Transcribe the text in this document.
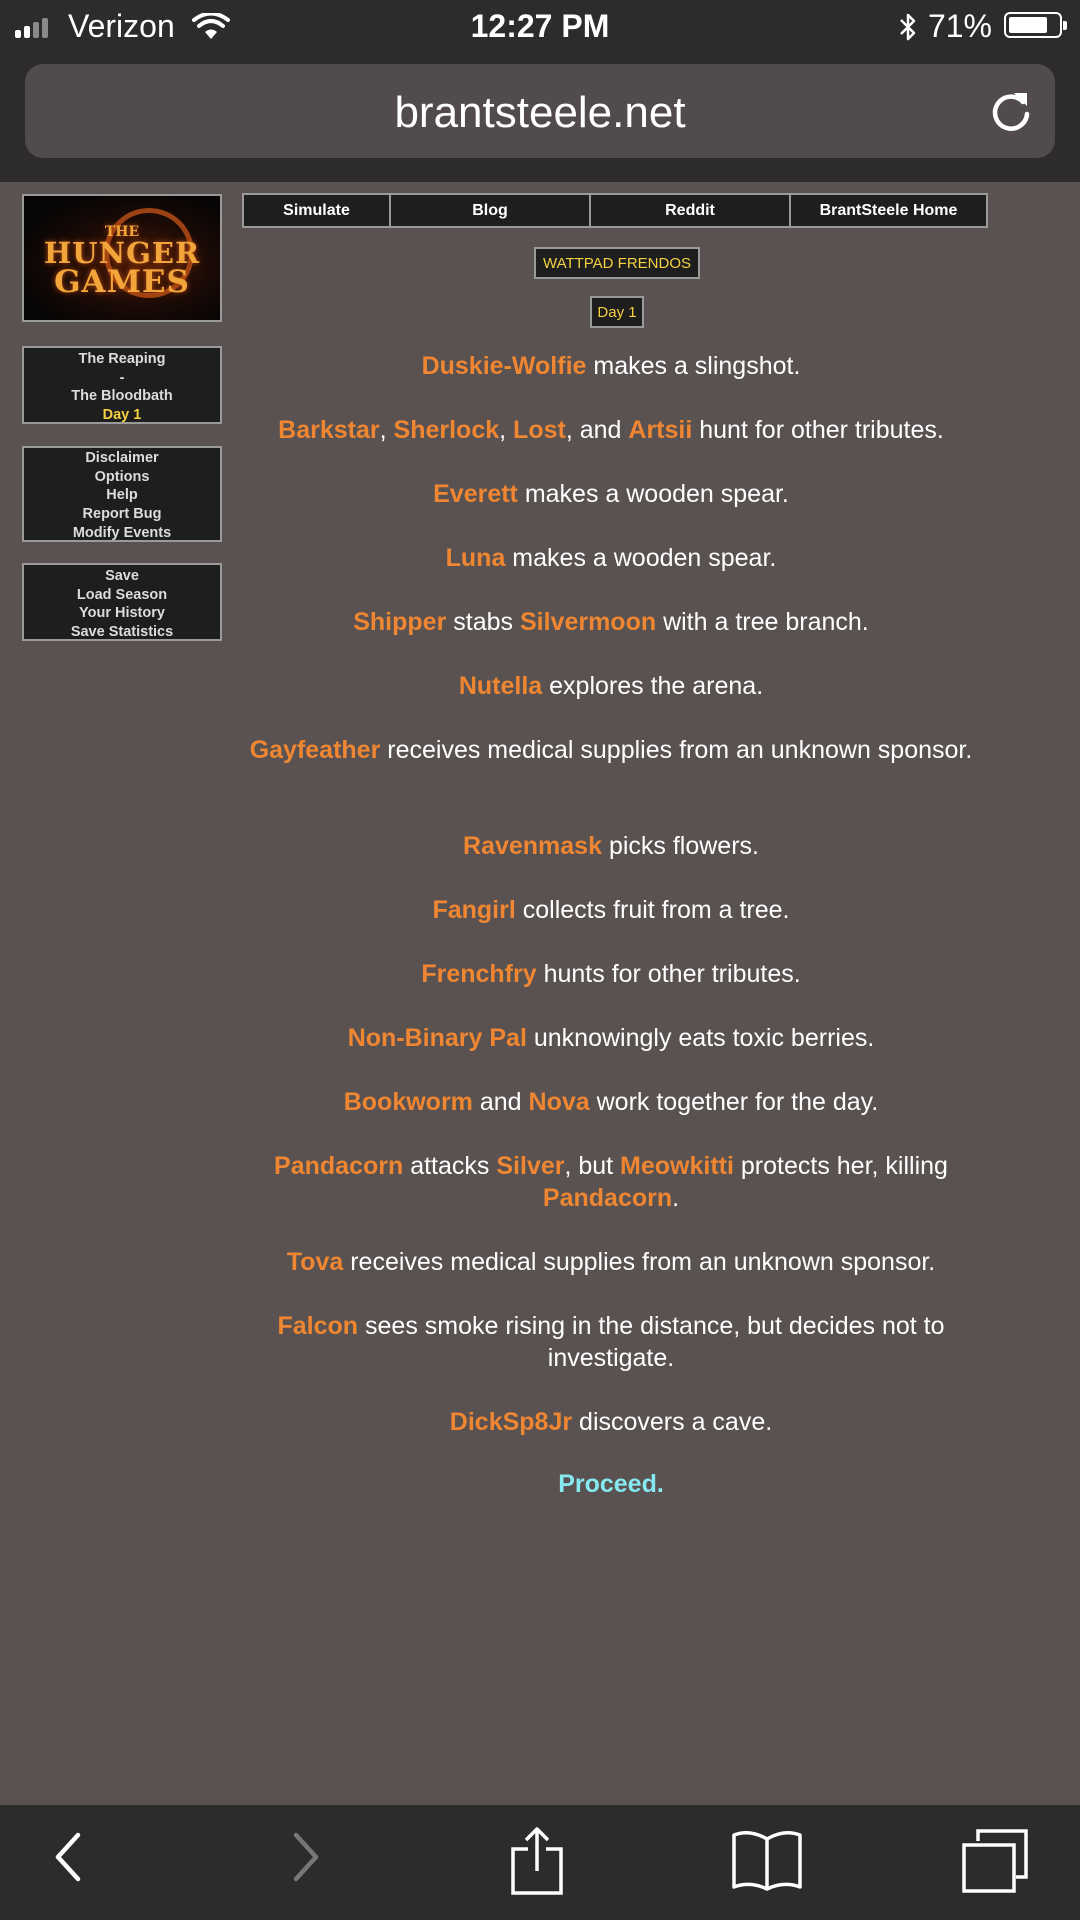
Verizon	12:27 PM	71%
brantsteele.net
THE
HUNGER
GAMES
The Reaping
-
The Bloodbath
Day 1
Disclaimer
Options
Help
Report Bug
Modify Events
Save
Load Season
Your History
Save Statistics
Simulate	Blog	Reddit	BrantSteele Home
WATTPAD FRENDOS
Day 1
Duskie-Wolfie makes a slingshot.
Barkstar, Sherlock, Lost, and Artsii hunt for other tributes.
Everett makes a wooden spear.
Luna makes a wooden spear.
Shipper stabs Silvermoon with a tree branch.
Nutella explores the arena.
Gayfeather receives medical supplies from an unknown sponsor.
Ravenmask picks flowers.
Fangirl collects fruit from a tree.
Frenchfry hunts for other tributes.
Non-Binary Pal unknowingly eats toxic berries.
Bookworm and Nova work together for the day.
Pandacorn attacks Silver, but Meowkitti protects her, killing Pandacorn.
Tova receives medical supplies from an unknown sponsor.
Falcon sees smoke rising in the distance, but decides not to investigate.
DickSp8Jr discovers a cave.
Proceed.
